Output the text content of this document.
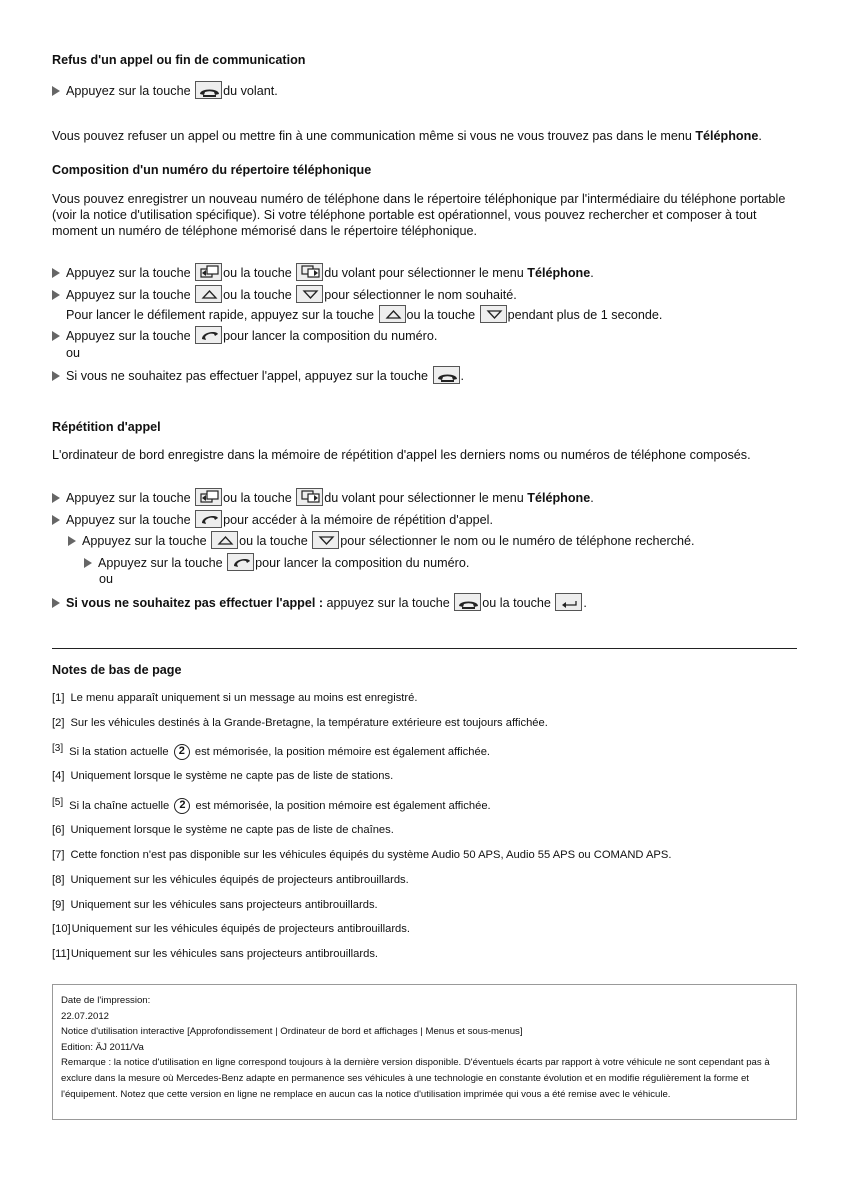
Refus d'un appel ou fin de communication
Appuyez sur la touche	du volant.
Vous pouvez refuser un appel ou mettre fin à une communication même si vous ne vous trouvez pas dans le menu Téléphone.
Composition d'un numéro du répertoire téléphonique
Vous pouvez enregistrer un nouveau numéro de téléphone dans le répertoire téléphonique par l'intermédiaire du téléphone portable (voir la notice d'utilisation spécifique). Si votre téléphone portable est opérationnel, vous pouvez rechercher et composer à tout moment un numéro de téléphone mémorisé dans le répertoire téléphonique.
Appuyez sur la touche	ou la touche	du volant pour sélectionner le menu Téléphone.
Appuyez sur la touche	ou la touche	pour sélectionner le nom souhaité.
Pour lancer le défilement rapide, appuyez sur la touche	ou la touche	pendant plus de 1 seconde.
Appuyez sur la touche	pour lancer la composition du numéro.
ou
Si vous ne souhaitez pas effectuer l'appel, appuyez sur la touche	.
Répétition d'appel
L'ordinateur de bord enregistre dans la mémoire de répétition d'appel les derniers noms ou numéros de téléphone composés.
Appuyez sur la touche	ou la touche	du volant pour sélectionner le menu Téléphone.
Appuyez sur la touche	pour accéder à la mémoire de répétition d'appel.
Appuyez sur la touche	ou la touche	pour sélectionner le nom ou le numéro de téléphone recherché.
Appuyez sur la touche	pour lancer la composition du numéro.
ou
Si vous ne souhaitez pas effectuer l'appel : appuyez sur la touche	ou la touche	.
Notes de bas de page
[1] Le menu apparaît uniquement si un message au moins est enregistré.
[2] Sur les véhicules destinés à la Grande-Bretagne, la température extérieure est toujours affichée.
[3] Si la station actuelle 2 est mémorisée, la position mémoire est également affichée.
[4] Uniquement lorsque le système ne capte pas de liste de stations.
[5] Si la chaîne actuelle 2 est mémorisée, la position mémoire est également affichée.
[6] Uniquement lorsque le système ne capte pas de liste de chaînes.
[7] Cette fonction n'est pas disponible sur les véhicules équipés du système Audio 50 APS, Audio 55 APS ou COMAND APS.
[8] Uniquement sur les véhicules équipés de projecteurs antibrouillards.
[9] Uniquement sur les véhicules sans projecteurs antibrouillards.
[10]Uniquement sur les véhicules équipés de projecteurs antibrouillards.
[11]Uniquement sur les véhicules sans projecteurs antibrouillards.
Date de l'impression:
22.07.2012
Notice d'utilisation interactive [Approfondissement | Ordinateur de bord et affichages | Menus et sous-menus]
Edition: ÄJ 2011/Va
Remarque : la notice d'utilisation en ligne correspond toujours à la dernière version disponible. D'éventuels écarts par rapport à votre véhicule ne sont cependant pas à exclure dans la mesure où Mercedes-Benz adapte en permanence ses véhicules à une technologie en constante évolution et en modifie régulièrement la forme et l'équipement. Notez que cette version en ligne ne remplace en aucun cas la notice d'utilisation imprimée qui vous a été remise avec le véhicule.
